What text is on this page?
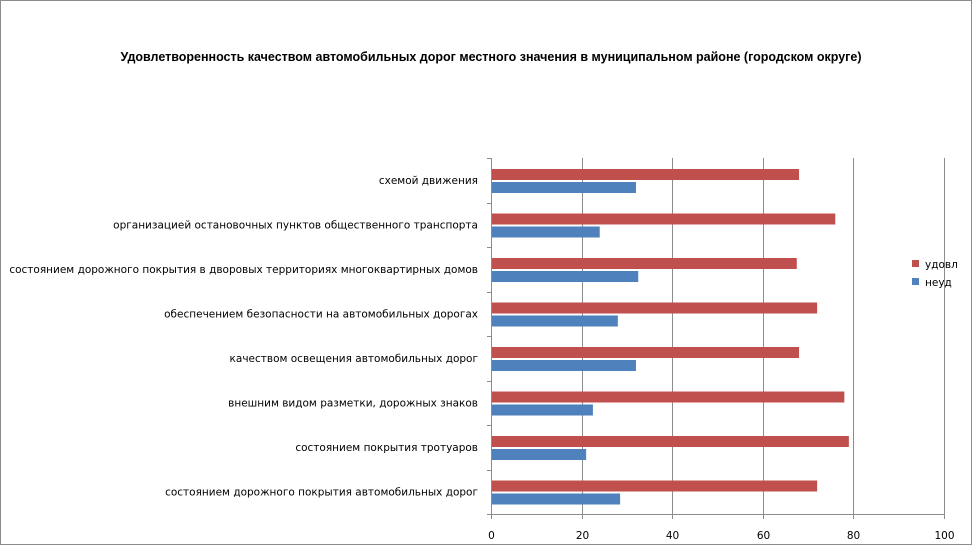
Удовлетворенность качеством автомобильных дорог местного значения в муниципальном районе (городском округе)
0	20	40	60	80	100
состоянием дорожного покрытия автомобильных дорог
состоянием покрытия тротуаров
внешним видом разметки, дорожных знаков
качеством освещения автомобильных дорог
обеспечением безопасности на автомобильных дорогах
состоянием дорожного покрытия в дворовых территориях многоквартирных домов
организацией остановочных пунктов общественного транспорта
схемой движения
удовл
неуд
